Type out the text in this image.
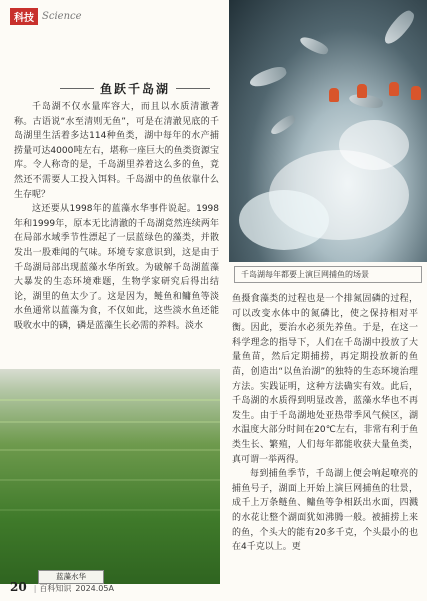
科技 Science
千岛湖每年都要上演巨网捕鱼的场景
鱼跃千岛湖

千岛湖不仅水量库容大，而且以水质清澈著称。古语说“水至清则无鱼”，可是在清澈见底的千岛湖里生活着多达114种鱼类，湖中每年的水产捕捞量可达4000吨左右，堪称一座巨大的鱼类资源宝库。令人称奇的是，千岛湖里养着这么多的鱼，竟然还不需要人工投入饵料。千岛湖中的鱼依靠什么生存呢？

这还要从1998年的蓝藻水华事件说起。1998年和1999年，原本无比清澈的千岛湖竟然连续两年在局部水域季节性漂起了一层蓝绿色的藻类，并散发出一股难闻的气味。环境专家意识到，这是由于千岛湖局部出现蓝藻水华所致。为破解千岛湖蓝藻大暴发的生态环境难题，生物学家研究后得出结论，湖里的鱼太少了。这是因为，鲢鱼和鳙鱼等淡水鱼通常以蓝藻为食，不仅如此，这些淡水鱼还能吸收水中的磷，磷是蓝藻生长必需的养料。淡水

鱼摄食藻类的过程也是一个排氮固磷的过程，可以改变水体中的氮磷比，使之保持相对平衡。因此，要治水必须先养鱼。于是，在这一科学理念的指导下，人们在千岛湖中投放了大量鱼苗，然后定期捕捞，再定期投放新的鱼苗，创造出“以鱼治湖”的独特的生态环境治理方法。实践证明，这种方法确实有效。此后，千岛湖的水质得到明显改善，蓝藻水华也不再发生。由于千岛湖地处亚热带季风气候区，湖水温度大部分时间在20℃左右，非常有利于鱼类生长、繁殖，人们每年都能收获大量鱼类，真可谓一举两得。

每到捕鱼季节，千岛湖上便会响起嘹亮的捕鱼号子，湖面上开始上演巨网捕鱼的壮景，成千上万条鲢鱼、鳙鱼等争相跃出水面，四溅的水花让整个湖面犹如沸腾一般。被捕捞上来的鱼，个头大的能有20多千克，个头最小的也在4千克以上。更

蓝藻水华
20 | 百科知识 2024.05A
